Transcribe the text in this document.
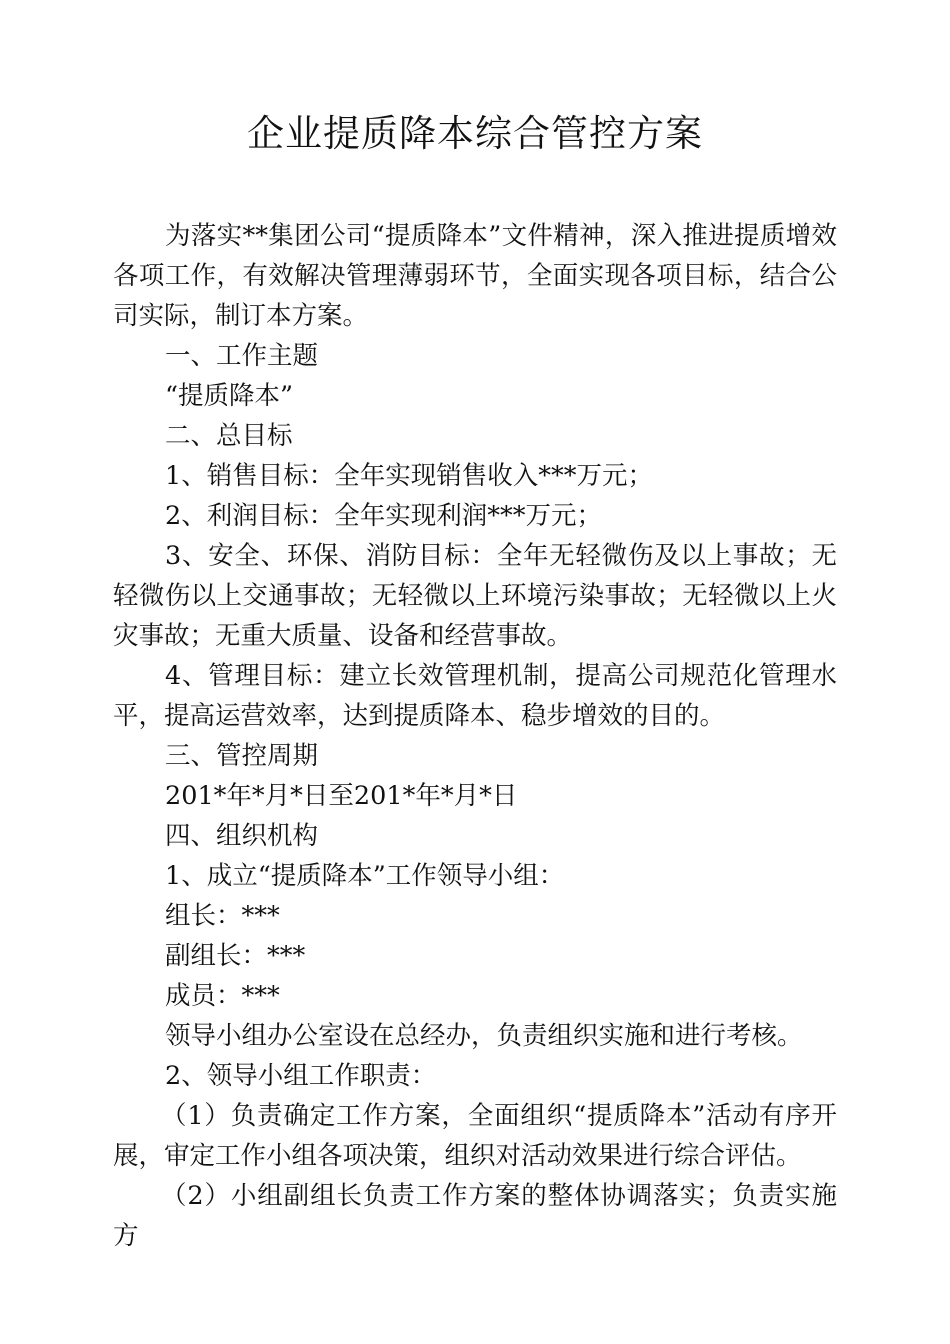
企业提质降本综合管控方案

为落实**集团公司“提质降本”文件精神，深入推进提质增效各项工作，有效解决管理薄弱环节，全面实现各项目标，结合公司实际，制订本方案。

一、工作主题

“提质降本”

二、总目标

1、销售目标：全年实现销售收入***万元；

2、利润目标：全年实现利润***万元；

3、安全、环保、消防目标：全年无轻微伤及以上事故；无轻微伤以上交通事故；无轻微以上环境污染事故；无轻微以上火灾事故；无重大质量、设备和经营事故。

4、管理目标：建立长效管理机制，提高公司规范化管理水平，提高运营效率，达到提质降本、稳步增效的目的。

三、管控周期

201*年*月*日至201*年*月*日

四、组织机构

1、成立“提质降本”工作领导小组：

组长：***

副组长：***

成员：***

领导小组办公室设在总经办，负责组织实施和进行考核。

2、领导小组工作职责：

（1）负责确定工作方案，全面组织“提质降本”活动有序开展，审定工作小组各项决策，组织对活动效果进行综合评估。

（2）小组副组长负责工作方案的整体协调落实；负责实施方
